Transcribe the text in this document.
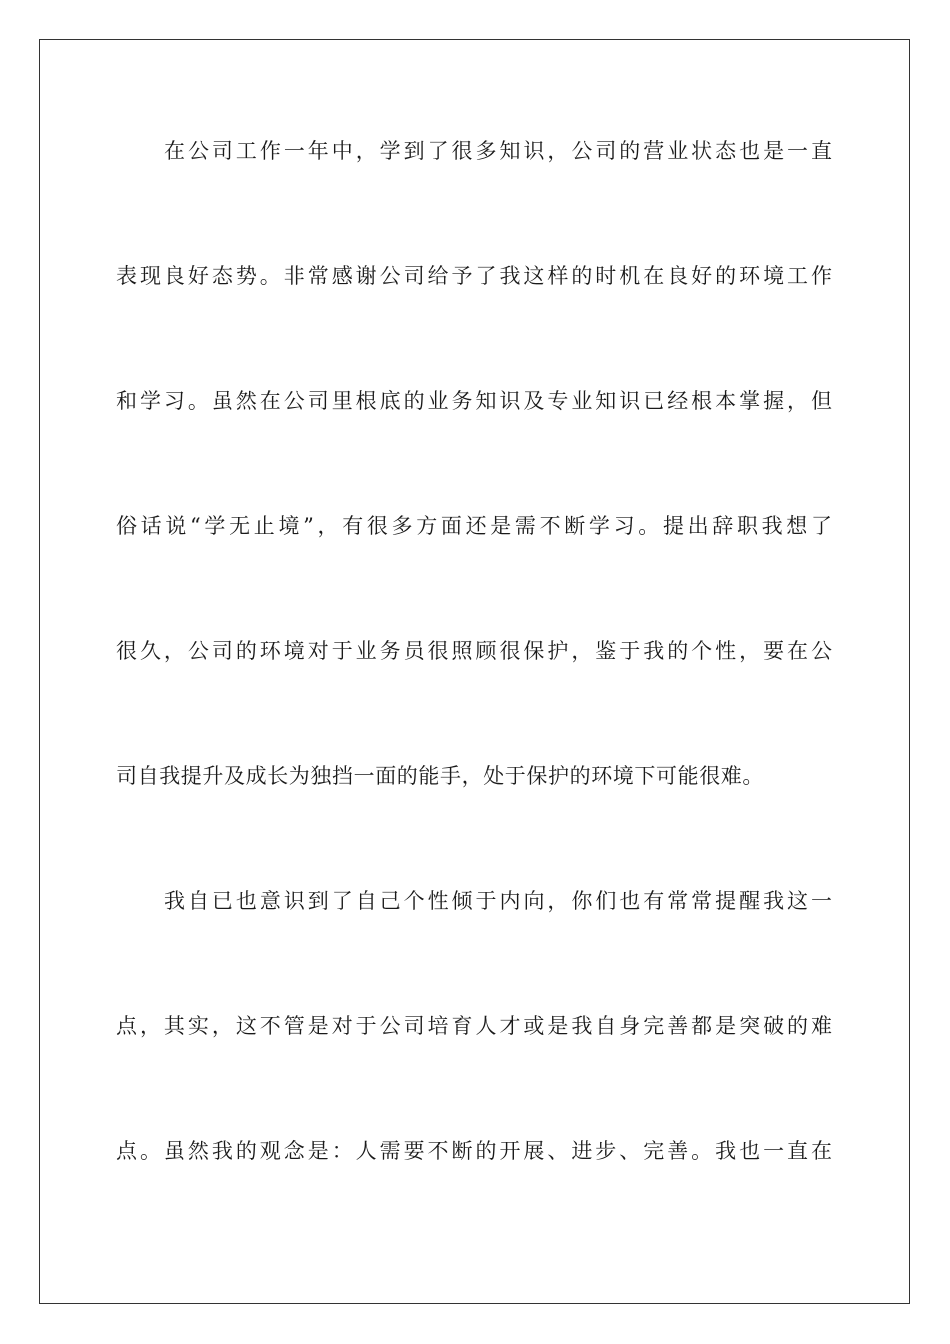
在公司工作一年中，学到了很多知识，公司的营业状态也是一直
表现良好态势。非常感谢公司给予了我这样的时机在良好的环境工作
和学习。虽然在公司里根底的业务知识及专业知识已经根本掌握，但
俗话说“学无止境”，有很多方面还是需不断学习。提出辞职我想了
很久，公司的环境对于业务员很照顾很保护，鉴于我的个性，要在公
司自我提升及成长为独挡一面的能手，处于保护的环境下可能很难。
我自已也意识到了自己个性倾于内向，你们也有常常提醒我这一
点，其实，这不管是对于公司培育人才或是我自身完善都是突破的难
点。虽然我的观念是：人需要不断的开展、进步、完善。我也一直在
